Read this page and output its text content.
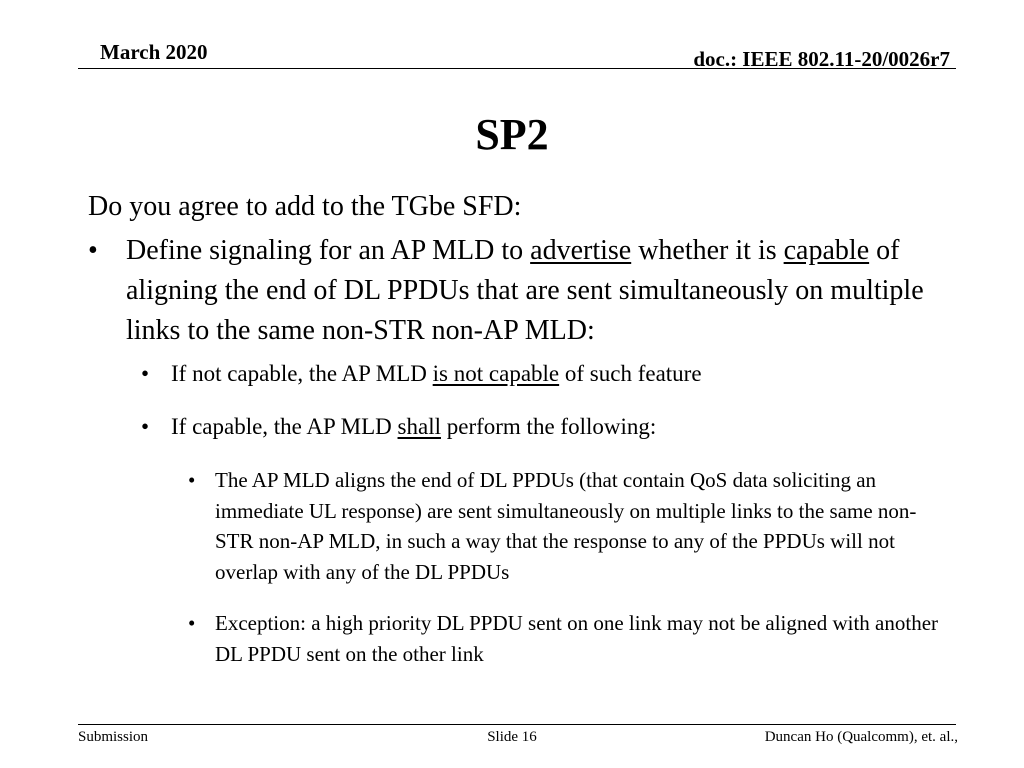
March 2020	doc.: IEEE 802.11-20/0026r7
SP2

Do you agree to add to the TGbe SFD:

• Define signaling for an AP MLD to advertise whether it is capable of aligning the end of DL PPDUs that are sent simultaneously on multiple links to the same non-STR non-AP MLD:

• If not capable, the AP MLD is not capable of such feature

• If capable, the AP MLD shall perform the following:

• The AP MLD aligns the end of DL PPDUs (that contain QoS data soliciting an immediate UL response) are sent simultaneously on multiple links to the same non-STR non-AP MLD, in such a way that the response to any of the PPDUs will not overlap with any of the DL PPDUs

• Exception: a high priority DL PPDU sent on one link may not be aligned with another DL PPDU sent on the other link

Submission	Slide 16	Duncan Ho (Qualcomm), et. al.,
